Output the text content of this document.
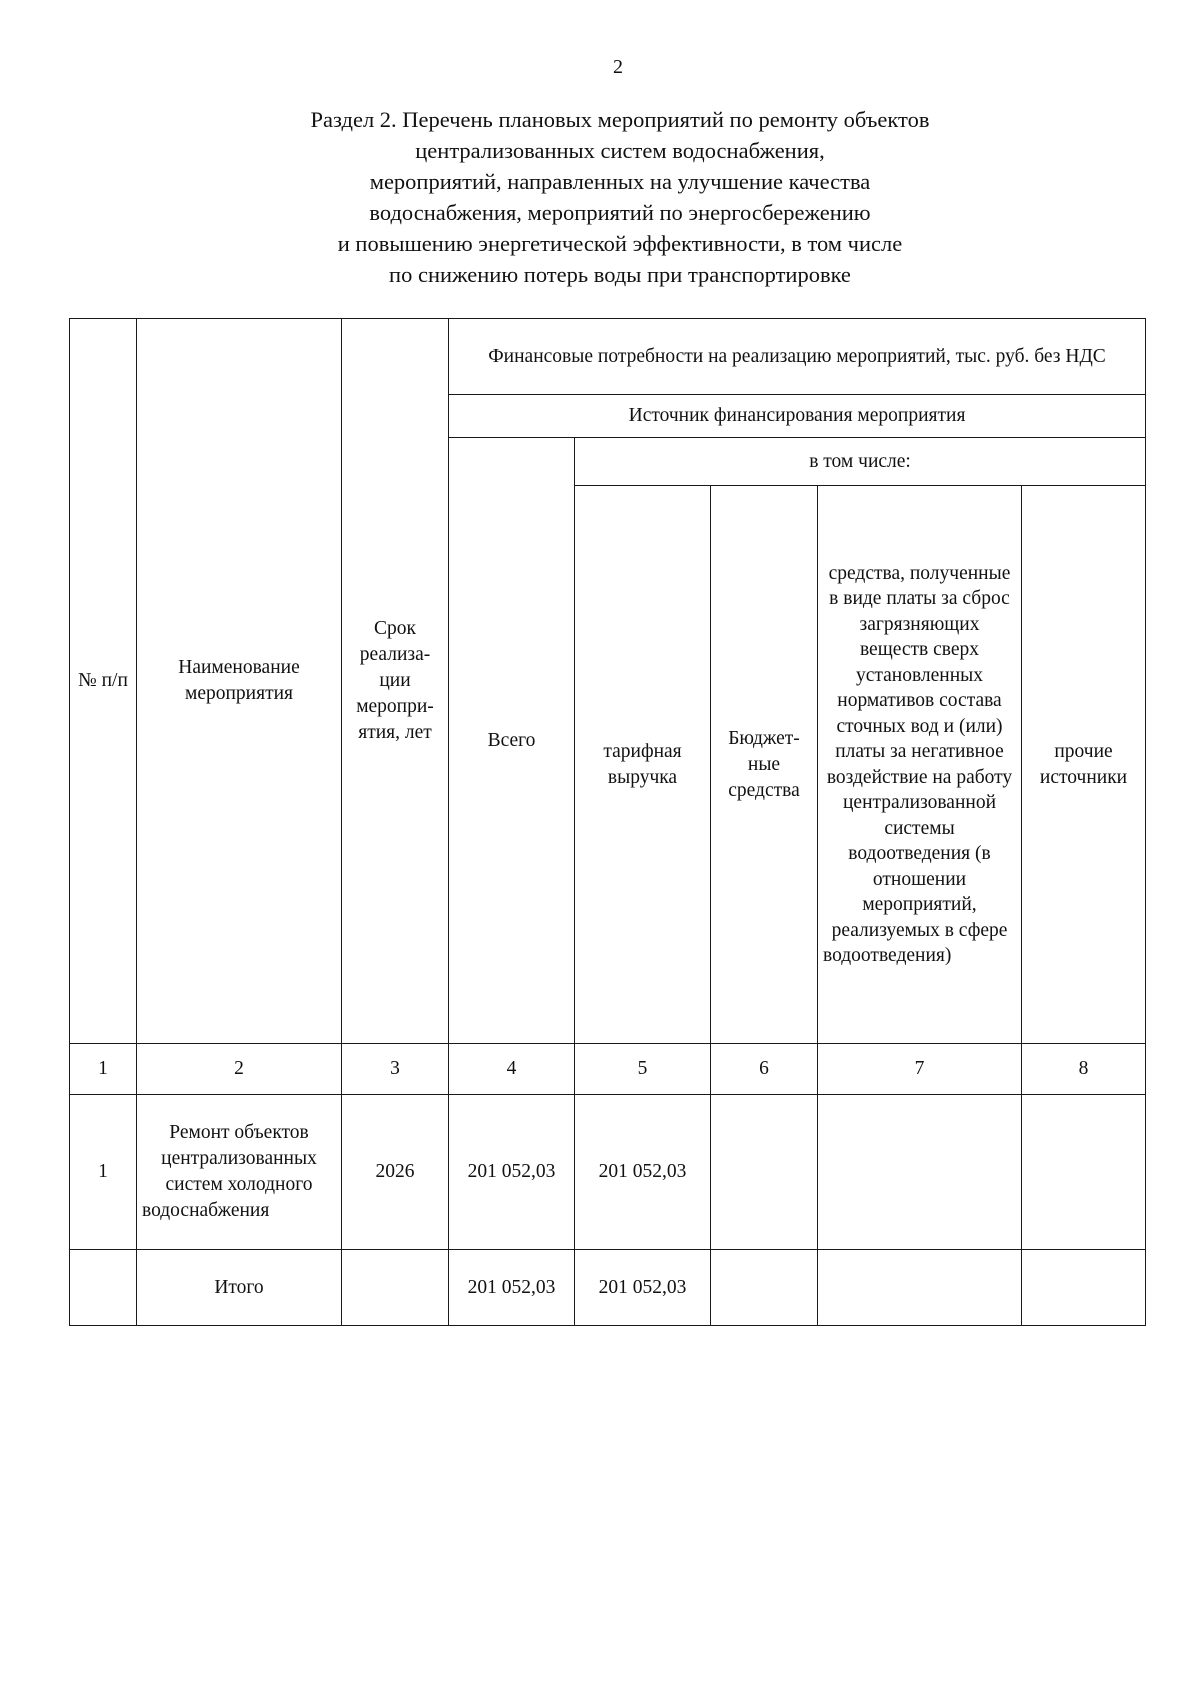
2
Раздел 2. Перечень плановых мероприятий по ремонту объектов
централизованных систем водоснабжения,
мероприятий, направленных на улучшение качества
водоснабжения, мероприятий по энергосбережению
и повышению энергетической эффективности, в том числе
по снижению потерь воды при транспортировке
№ п/п	Наименование мероприятия	Срок реализа-ции меропри-ятия, лет	Финансовые потребности на реализацию мероприятий, тыс. руб. без НДС				
			Источник финансирования мероприятия				
			Всего	в том числе:			
				тарифная выручка	Бюджет-ные средства	средства, полученные в виде платы за сброс загрязняющих веществ сверх установленных нормативов состава сточных вод и (или) платы за негативное воздействие на работу централизованной системы водоотведения (в отношении мероприятий, реализуемых в сфере водоотведения)	прочие источники
1	2	3	4	5	6	7	8
1	Ремонт объектов централизованных систем холодного водоснабжения	2026	201 052,03	201 052,03			
	Итого		201 052,03	201 052,03			
